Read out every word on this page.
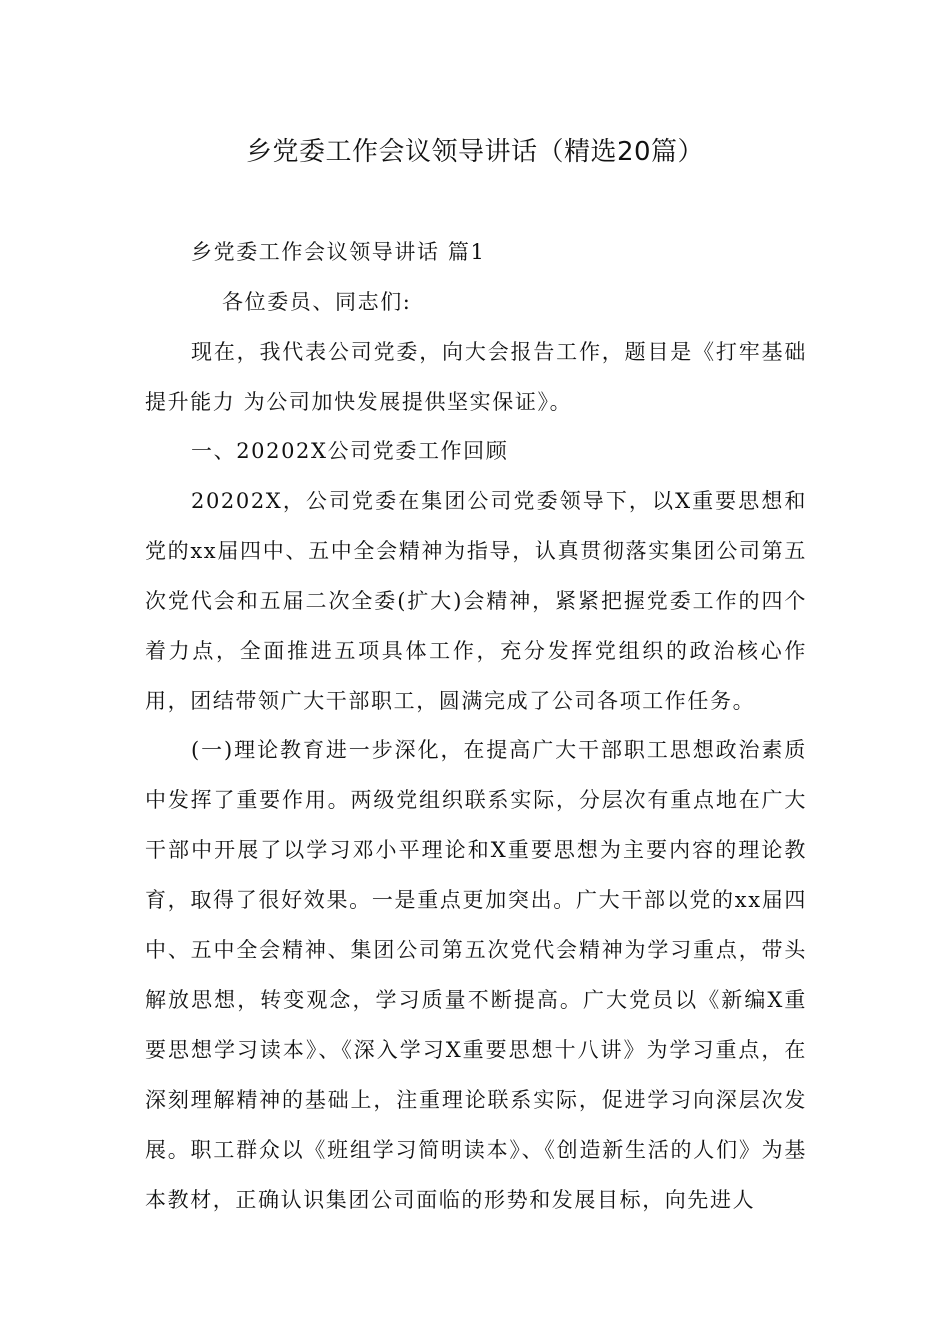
乡党委工作会议领导讲话（精选20篇）

乡党委工作会议领导讲话 篇1

各位委员、同志们:

现在，我代表公司党委，向大会报告工作，题目是《打牢基础提升能力 为公司加快发展提供坚实保证》。

一、20202X公司党委工作回顾

20202X，公司党委在集团公司党委领导下，以X重要思想和党的xx届四中、五中全会精神为指导，认真贯彻落实集团公司第五次党代会和五届二次全委(扩大)会精神，紧紧把握党委工作的四个着力点，全面推进五项具体工作，充分发挥党组织的政治核心作用，团结带领广大干部职工，圆满完成了公司各项工作任务。

(一)理论教育进一步深化，在提高广大干部职工思想政治素质中发挥了重要作用。两级党组织联系实际，分层次有重点地在广大干部中开展了以学习邓小平理论和X重要思想为主要内容的理论教育，取得了很好效果。一是重点更加突出。广大干部以党的xx届四中、五中全会精神、集团公司第五次党代会精神为学习重点，带头解放思想，转变观念，学习质量不断提高。广大党员以《新编X重要思想学习读本》、《深入学习X重要思想十八讲》为学习重点，在深刻理解精神的基础上，注重理论联系实际，促进学习向深层次发展。职工群众以《班组学习简明读本》、《创造新生活的人们》为基本教材，正确认识集团公司面临的形势和发展目标，向先进人
